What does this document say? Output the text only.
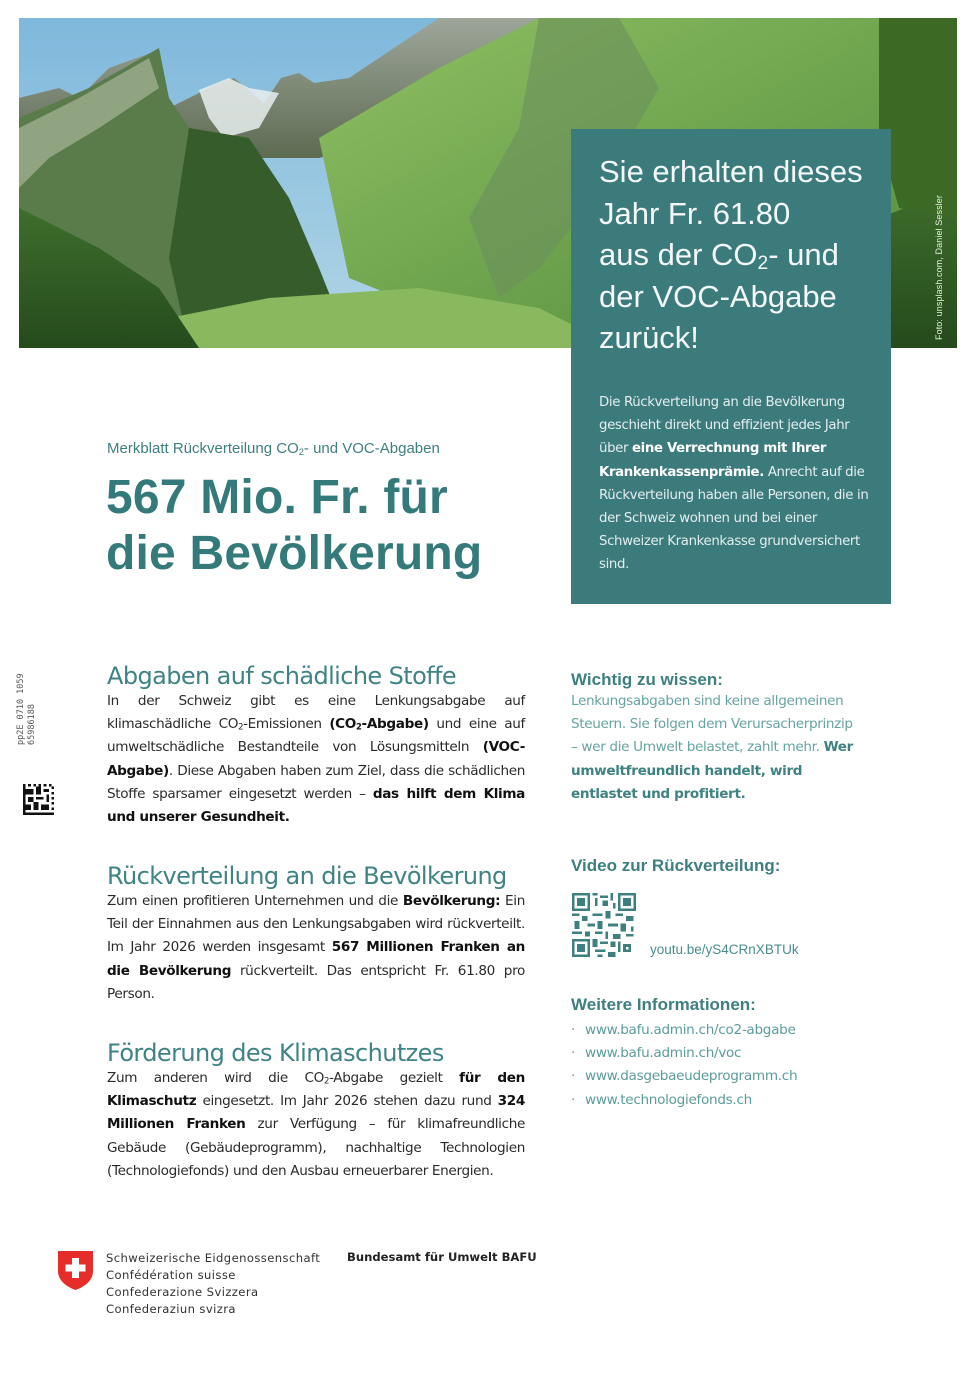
Foto: unsplash.com, Daniel Sessler
Sie erhalten dieses
Jahr Fr. 61.80
aus der $CO_2-$ und
der VOC-Abgabe
zurück!

Die Rückverteilung an die Bevölkerung geschieht direkt und effizient jedes Jahr über eine Verrechnung mit Ihrer Krankenkassenprämie. Anrecht auf die Rückverteilung haben alle Personen, die in der Schweiz wohnen und bei einer Schweizer Krankenkasse grundversichert sind.

Merkblatt Rückverteilung $CO_2-$ und VOC-Abgaben
567 Mio. Fr. für
die Bevölkerung
pp2E 0710 1059
65986188
Abgaben auf schädliche Stoffe

In der Schweiz gibt es eine Lenkungsabgabe auf klimaschädliche $CO_2$-Emissionen $(CO_2-Abgabe)$ und eine auf umweltschädliche Bestandteile von Lösungsmitteln (VOC-Abgabe). Diese Abgaben haben zum Ziel, dass die schädlichen Stoffe sparsamer eingesetzt werden – das hilft dem Klima und unserer Gesundheit.

Rückverteilung an die Bevölkerung

Zum einen profitieren Unternehmen und die Bevölkerung: Ein Teil der Einnahmen aus den Lenkungsabgaben wird rückverteilt. Im Jahr 2026 werden insgesamt 567 Millionen Franken an die Bevölkerung rückverteilt. Das entspricht Fr. 61.80 pro Person.

Förderung des Klimaschutzes

Zum anderen wird die $CO_2$-Abgabe gezielt für den Klimaschutz eingesetzt. Im Jahr 2026 stehen dazu rund 324 Millionen Franken zur Verfügung – für klimafreundliche Gebäude (Gebäudeprogramm), nachhaltige Technologien (Technologiefonds) und den Ausbau erneuerbarer Energien.

Wichtig zu wissen:

Lenkungsabgaben sind keine allgemeinen Steuern. Sie folgen dem Verursacherprinzip – wer die Umwelt belastet, zahlt mehr. Wer umweltfreundlich handelt, wird entlastet und profitiert.

Video zur Rückverteilung:
youtu.be/yS4CRnXBTUk
Weitere Informationen:
· www.bafu.admin.ch/co2-abgabe
· www.bafu.admin.ch/voc
· www.dasgebaeudeprogramm.ch
· www.technologiefonds.ch
Schweizerische Eidgenossenschaft
Confédération suisse
Confederazione Svizzera
Confederaziun svizra
Bundesamt für Umwelt BAFU
